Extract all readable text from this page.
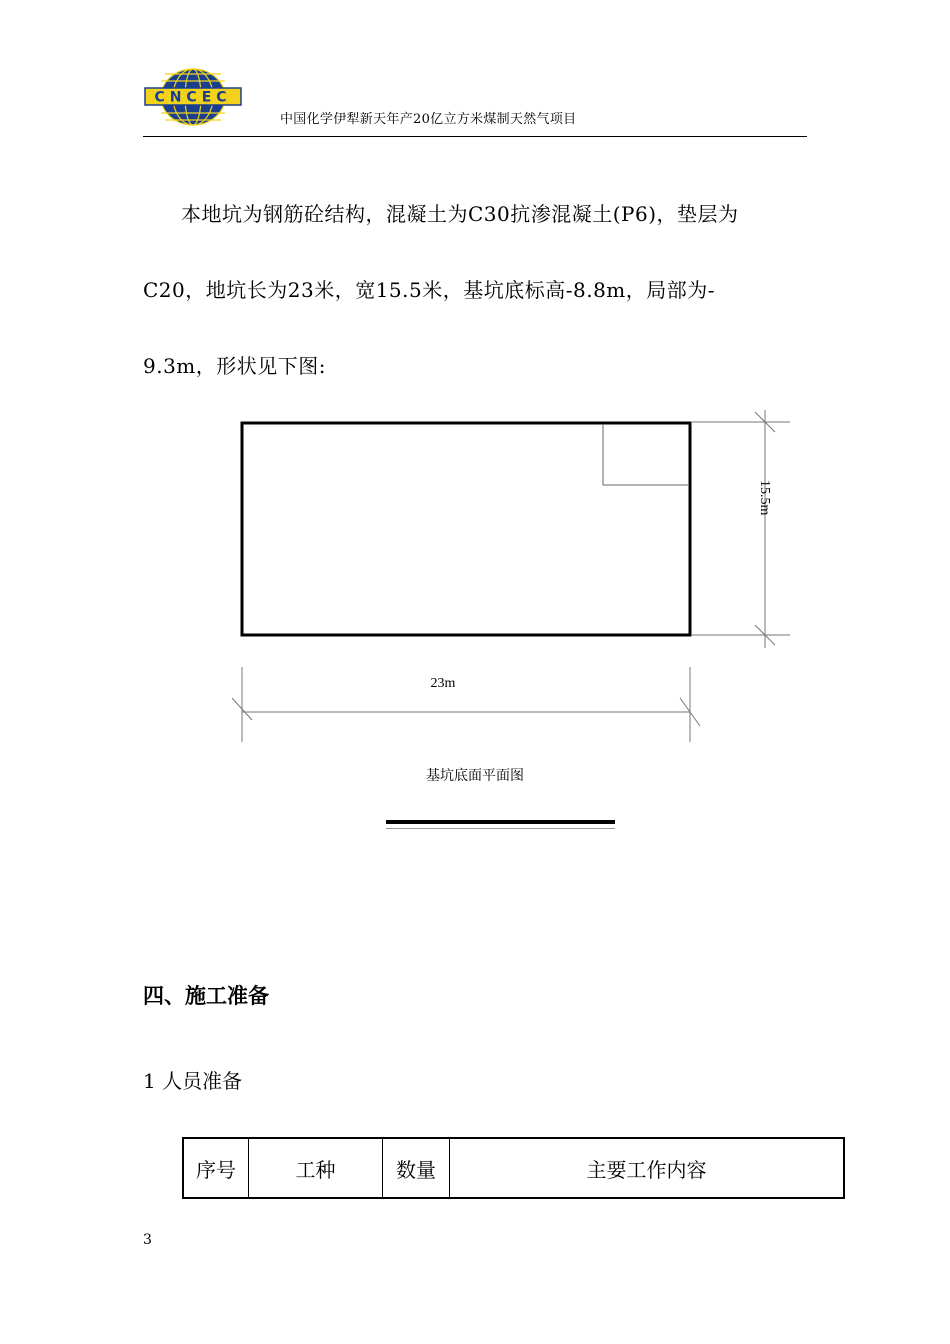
CNCEC
中国化学伊犁新天年产20亿立方米煤制天然气项目
本地坑为钢筋砼结构，混凝土为C30抗渗混凝土(P6)，垫层为
C20，地坑长为23米，宽15.5米，基坑底标高-8.8m，局部为-
9.3m，形状见下图:
15.5m
23m
基坑底面平面图
四、施工准备
1 人员准备
序号	工种	数量	主要工作内容
3
